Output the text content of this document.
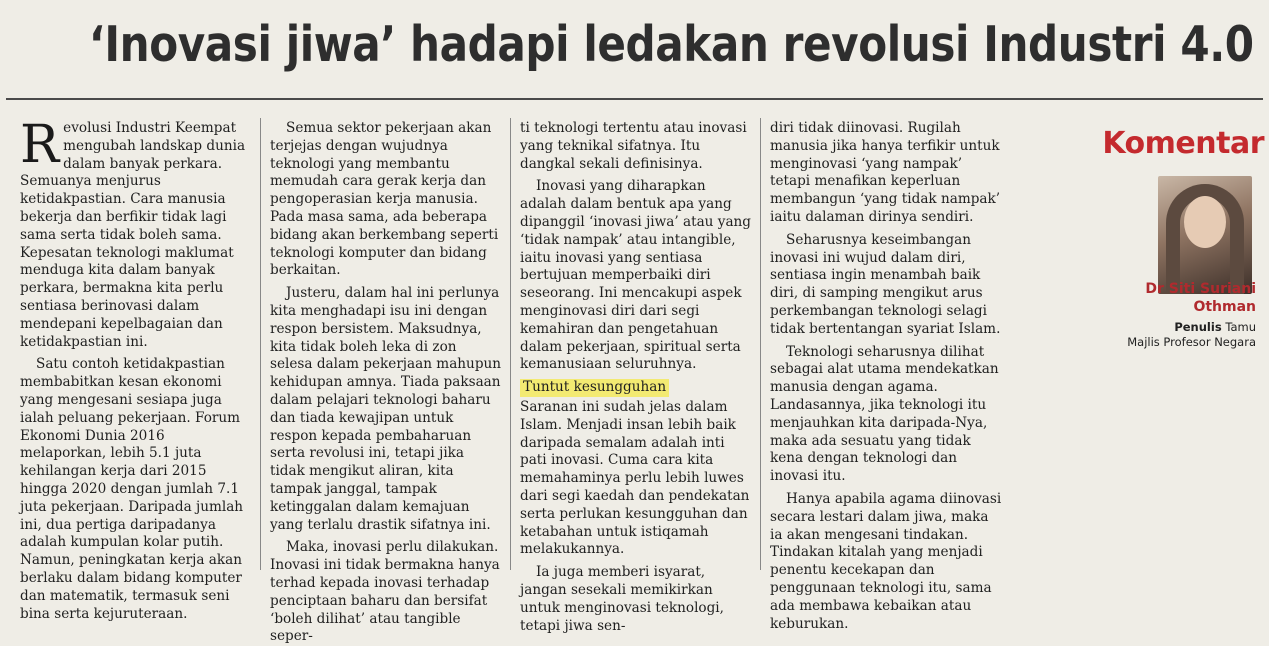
‘Inovasi jiwa’ hadapi ledakan revolusi Industri 4.0

Revolusi Industri Keempat mengubah landskap dunia dalam banyak perkara. Semuanya menjurus ketidakpastian. Cara manusia bekerja dan berfikir tidak lagi sama serta tidak boleh sama. Kepesatan teknologi maklumat menduga kita dalam banyak perkara, bermakna kita perlu sentiasa berinovasi dalam mendepani kepelbagaian dan ketidakpastian ini.

Satu contoh ketidakpastian membabitkan kesan ekonomi yang mengesani sesiapa juga ialah peluang pekerjaan. Forum Ekonomi Dunia 2016 melaporkan, lebih 5.1 juta kehilangan kerja dari 2015 hingga 2020 dengan jumlah 7.1 juta pekerjaan. Daripada jumlah ini, dua pertiga daripadanya adalah kumpulan kolar putih. Namun, peningkatan kerja akan berlaku dalam bidang komputer dan matematik, termasuk seni bina serta kejuruteraan.

Semua sektor pekerjaan akan terjejas dengan wujudnya teknologi yang membantu memudah cara gerak kerja dan pengoperasian kerja manusia. Pada masa sama, ada beberapa bidang akan berkembang seperti teknologi komputer dan bidang berkaitan.

Justeru, dalam hal ini perlunya kita menghadapi isu ini dengan respon bersistem. Maksudnya, kita tidak boleh leka di zon selesa dalam pekerjaan mahupun kehidupan amnya. Tiada paksaan dalam pelajari teknologi baharu dan tiada kewajipan untuk respon kepada pembaharuan serta revolusi ini, tetapi jika tidak mengikut aliran, kita tampak janggal, tampak ketinggalan dalam kemajuan yang terlalu drastik sifatnya ini.

Maka, inovasi perlu dilakukan. Inovasi ini tidak bermakna hanya terhad kepada inovasi terhadap penciptaan baharu dan bersifat ‘boleh dilihat’ atau tangible seper-

ti teknologi tertentu atau inovasi yang teknikal sifatnya. Itu dangkal sekali definisinya.

Inovasi yang diharapkan adalah dalam bentuk apa yang dipanggil ‘inovasi jiwa’ atau yang ‘tidak nampak’ atau intangible, iaitu inovasi yang sentiasa bertujuan memperbaiki diri seseorang. Ini mencakupi aspek menginovasi diri dari segi kemahiran dan pengetahuan dalam pekerjaan, spiritual serta kemanusiaan seluruhnya.

Tuntut kesungguhan

Saranan ini sudah jelas dalam Islam. Menjadi insan lebih baik daripada semalam adalah inti pati inovasi. Cuma cara kita memahaminya perlu lebih luwes dari segi kaedah dan pendekatan serta perlukan kesungguhan dan ketabahan untuk istiqamah melakukannya.

Ia juga memberi isyarat, jangan sesekali memikirkan untuk menginovasi teknologi, tetapi jiwa sen-

diri tidak diinovasi. Rugilah manusia jika hanya terfikir untuk menginovasi ‘yang nampak’ tetapi menafikan keperluan membangun ‘yang tidak nampak’ iaitu dalaman dirinya sendiri.

Seharusnya keseimbangan inovasi ini wujud dalam diri, sentiasa ingin menambah baik diri, di samping mengikut arus perkembangan teknologi selagi tidak bertentangan syariat Islam.

Teknologi seharusnya dilihat sebagai alat utama mendekatkan manusia dengan agama. Landasannya, jika teknologi itu menjauhkan kita daripada-Nya, maka ada sesuatu yang tidak kena dengan teknologi dan inovasi itu.

Hanya apabila agama diinovasi secara lestari dalam jiwa, maka ia akan mengesani tindakan. Tindakan kitalah yang menjadi penentu kecekapan dan penggunaan teknologi itu, sama ada membawa kebaikan atau keburukan.

Komentar
Dr Siti Suriani
Othman
Penulis Tamu
Majlis Profesor Negara
